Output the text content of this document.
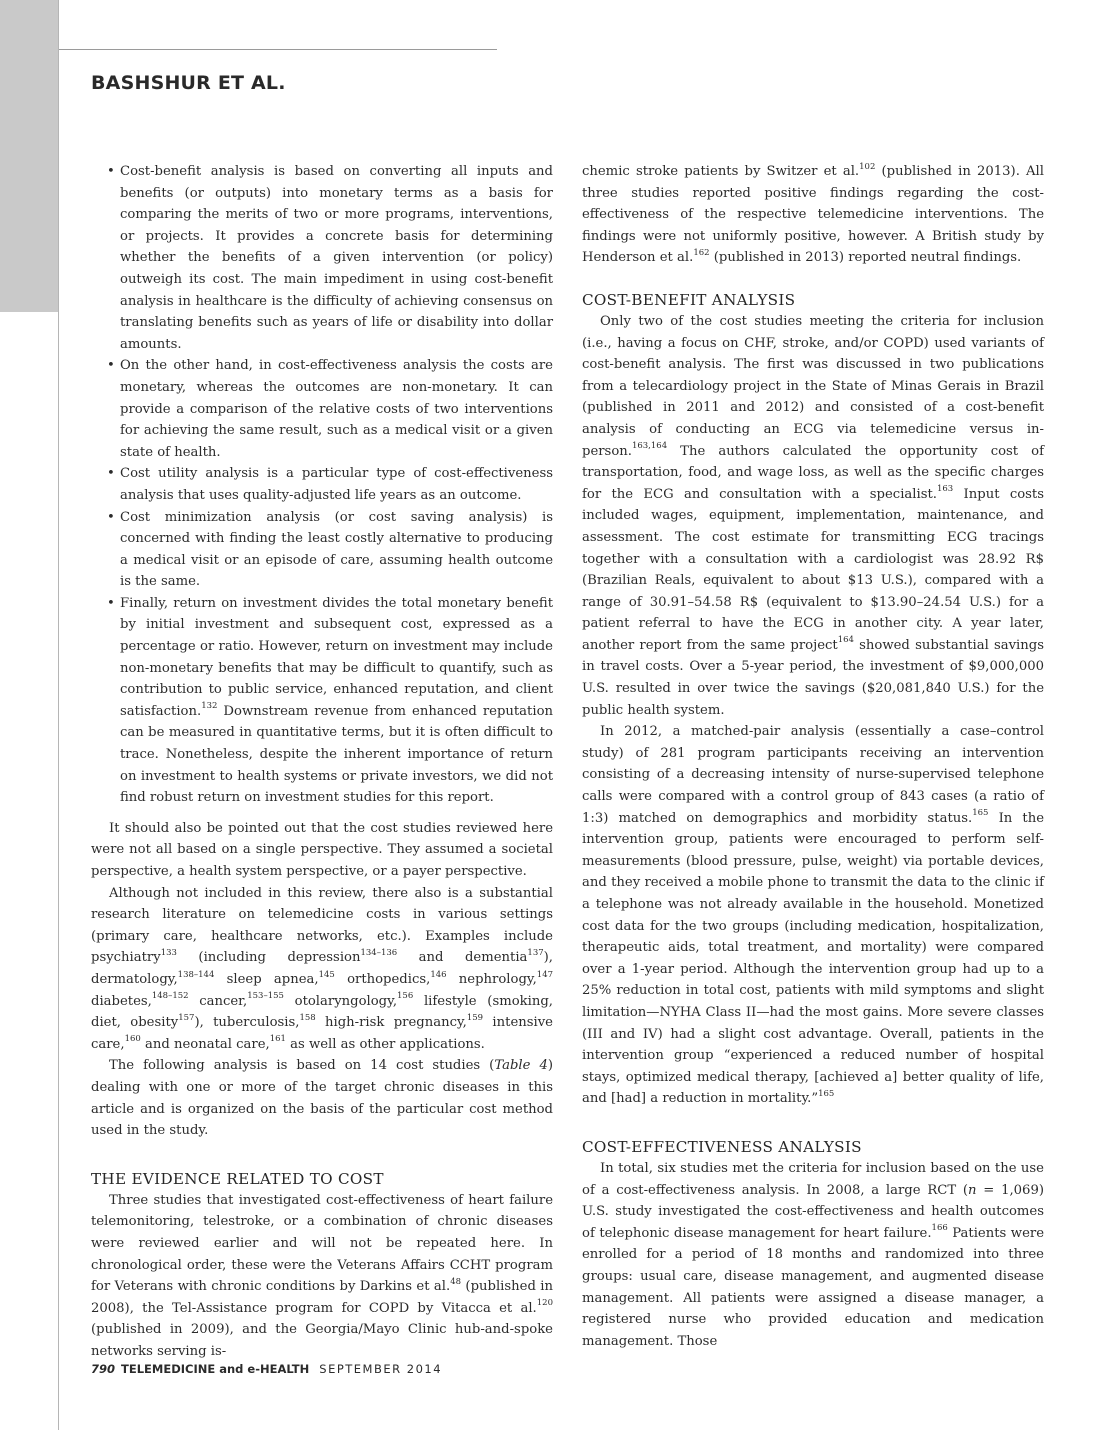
BASHSHUR ET AL.
• Cost-benefit analysis is based on converting all inputs and benefits (or outputs) into monetary terms as a basis for comparing the merits of two or more programs, interventions, or projects. It provides a concrete basis for determining whether the benefits of a given intervention (or policy) outweigh its cost. The main impediment in using cost-benefit analysis in healthcare is the difficulty of achieving consensus on translating benefits such as years of life or disability into dollar amounts.
• On the other hand, in cost-effectiveness analysis the costs are monetary, whereas the outcomes are non-monetary. It can provide a comparison of the relative costs of two interventions for achieving the same result, such as a medical visit or a given state of health.
• Cost utility analysis is a particular type of cost-effectiveness analysis that uses quality-adjusted life years as an outcome.
• Cost minimization analysis (or cost saving analysis) is concerned with finding the least costly alternative to producing a medical visit or an episode of care, assuming health outcome is the same.
• Finally, return on investment divides the total monetary benefit by initial investment and subsequent cost, expressed as a percentage or ratio. However, return on investment may include non-monetary benefits that may be difficult to quantify, such as contribution to public service, enhanced reputation, and client satisfaction.$^{132}$ Downstream revenue from enhanced reputation can be measured in quantitative terms, but it is often difficult to trace. Nonetheless, despite the inherent importance of return on investment to health systems or private investors, we did not find robust return on investment studies for this report.

It should also be pointed out that the cost studies reviewed here were not all based on a single perspective. They assumed a societal perspective, a health system perspective, or a payer perspective.

Although not included in this review, there also is a substantial research literature on telemedicine costs in various settings (primary care, healthcare networks, etc.). Examples include psychiatry$^{133}$ (including depression$^{134-136}$ and dementia$^{137}$), dermatology,$^{138-144}$ sleep apnea,$^{145}$ orthopedics,$^{146}$ nephrology,$^{147}$ diabetes,$^{148-152}$ cancer,$^{153-155}$ otolaryngology,$^{156}$ lifestyle (smoking, diet, obesity$^{157}$), tuberculosis,$^{158}$ high-risk pregnancy,$^{159}$ intensive care,$^{160}$ and neonatal care,$^{161}$ as well as other applications.

The following analysis is based on 14 cost studies (Table 4) dealing with one or more of the target chronic diseases in this article and is organized on the basis of the particular cost method used in the study.

THE EVIDENCE RELATED TO COST

Three studies that investigated cost-effectiveness of heart failure telemonitoring, telestroke, or a combination of chronic diseases were reviewed earlier and will not be repeated here. In chronological order, these were the Veterans Affairs CCHT program for Veterans with chronic conditions by Darkins et al.$^{48}$ (published in 2008), the Tel-Assistance program for COPD by Vitacca et al.$^{120}$ (published in 2009), and the Georgia/Mayo Clinic hub-and-spoke networks serving is-

chemic stroke patients by Switzer et al.$^{102}$ (published in 2013). All three studies reported positive findings regarding the cost-effectiveness of the respective telemedicine interventions. The findings were not uniformly positive, however. A British study by Henderson et al.$^{162}$ (published in 2013) reported neutral findings.

COST-BENEFIT ANALYSIS

Only two of the cost studies meeting the criteria for inclusion (i.e., having a focus on CHF, stroke, and/or COPD) used variants of cost-benefit analysis. The first was discussed in two publications from a telecardiology project in the State of Minas Gerais in Brazil (published in 2011 and 2012) and consisted of a cost-benefit analysis of conducting an ECG via telemedicine versus in-person.$^{163,164}$ The authors calculated the opportunity cost of transportation, food, and wage loss, as well as the specific charges for the ECG and consultation with a specialist.$^{163}$ Input costs included wages, equipment, implementation, maintenance, and assessment. The cost estimate for transmitting ECG tracings together with a consultation with a cardiologist was 28.92 R$ (Brazilian Reals, equivalent to about $13 U.S.), compared with a range of 30.91–54.58 R$ (equivalent to $13.90–24.54 U.S.) for a patient referral to have the ECG in another city. A year later, another report from the same project$^{164}$ showed substantial savings in travel costs. Over a 5-year period, the investment of $9,000,000 U.S. resulted in over twice the savings ($20,081,840 U.S.) for the public health system.

In 2012, a matched-pair analysis (essentially a case–control study) of 281 program participants receiving an intervention consisting of a decreasing intensity of nurse-supervised telephone calls were compared with a control group of 843 cases (a ratio of 1:3) matched on demographics and morbidity status.$^{165}$ In the intervention group, patients were encouraged to perform self-measurements (blood pressure, pulse, weight) via portable devices, and they received a mobile phone to transmit the data to the clinic if a telephone was not already available in the household. Monetized cost data for the two groups (including medication, hospitalization, therapeutic aids, total treatment, and mortality) were compared over a 1-year period. Although the intervention group had up to a 25% reduction in total cost, patients with mild symptoms and slight limitation—NYHA Class II—had the most gains. More severe classes (III and IV) had a slight cost advantage. Overall, patients in the intervention group “experienced a reduced number of hospital stays, optimized medical therapy, [achieved a] better quality of life, and [had] a reduction in mortality.”$^{165}$

COST-EFFECTIVENESS ANALYSIS

In total, six studies met the criteria for inclusion based on the use of a cost-effectiveness analysis. In 2008, a large RCT (n = 1,069) U.S. study investigated the cost-effectiveness and health outcomes of telephonic disease management for heart failure.$^{166}$ Patients were enrolled for a period of 18 months and randomized into three groups: usual care, disease management, and augmented disease management. All patients were assigned a disease manager, a registered nurse who provided education and medication management. Those

790 TELEMEDICINE and e-HEALTH SEPTEMBER 2014
